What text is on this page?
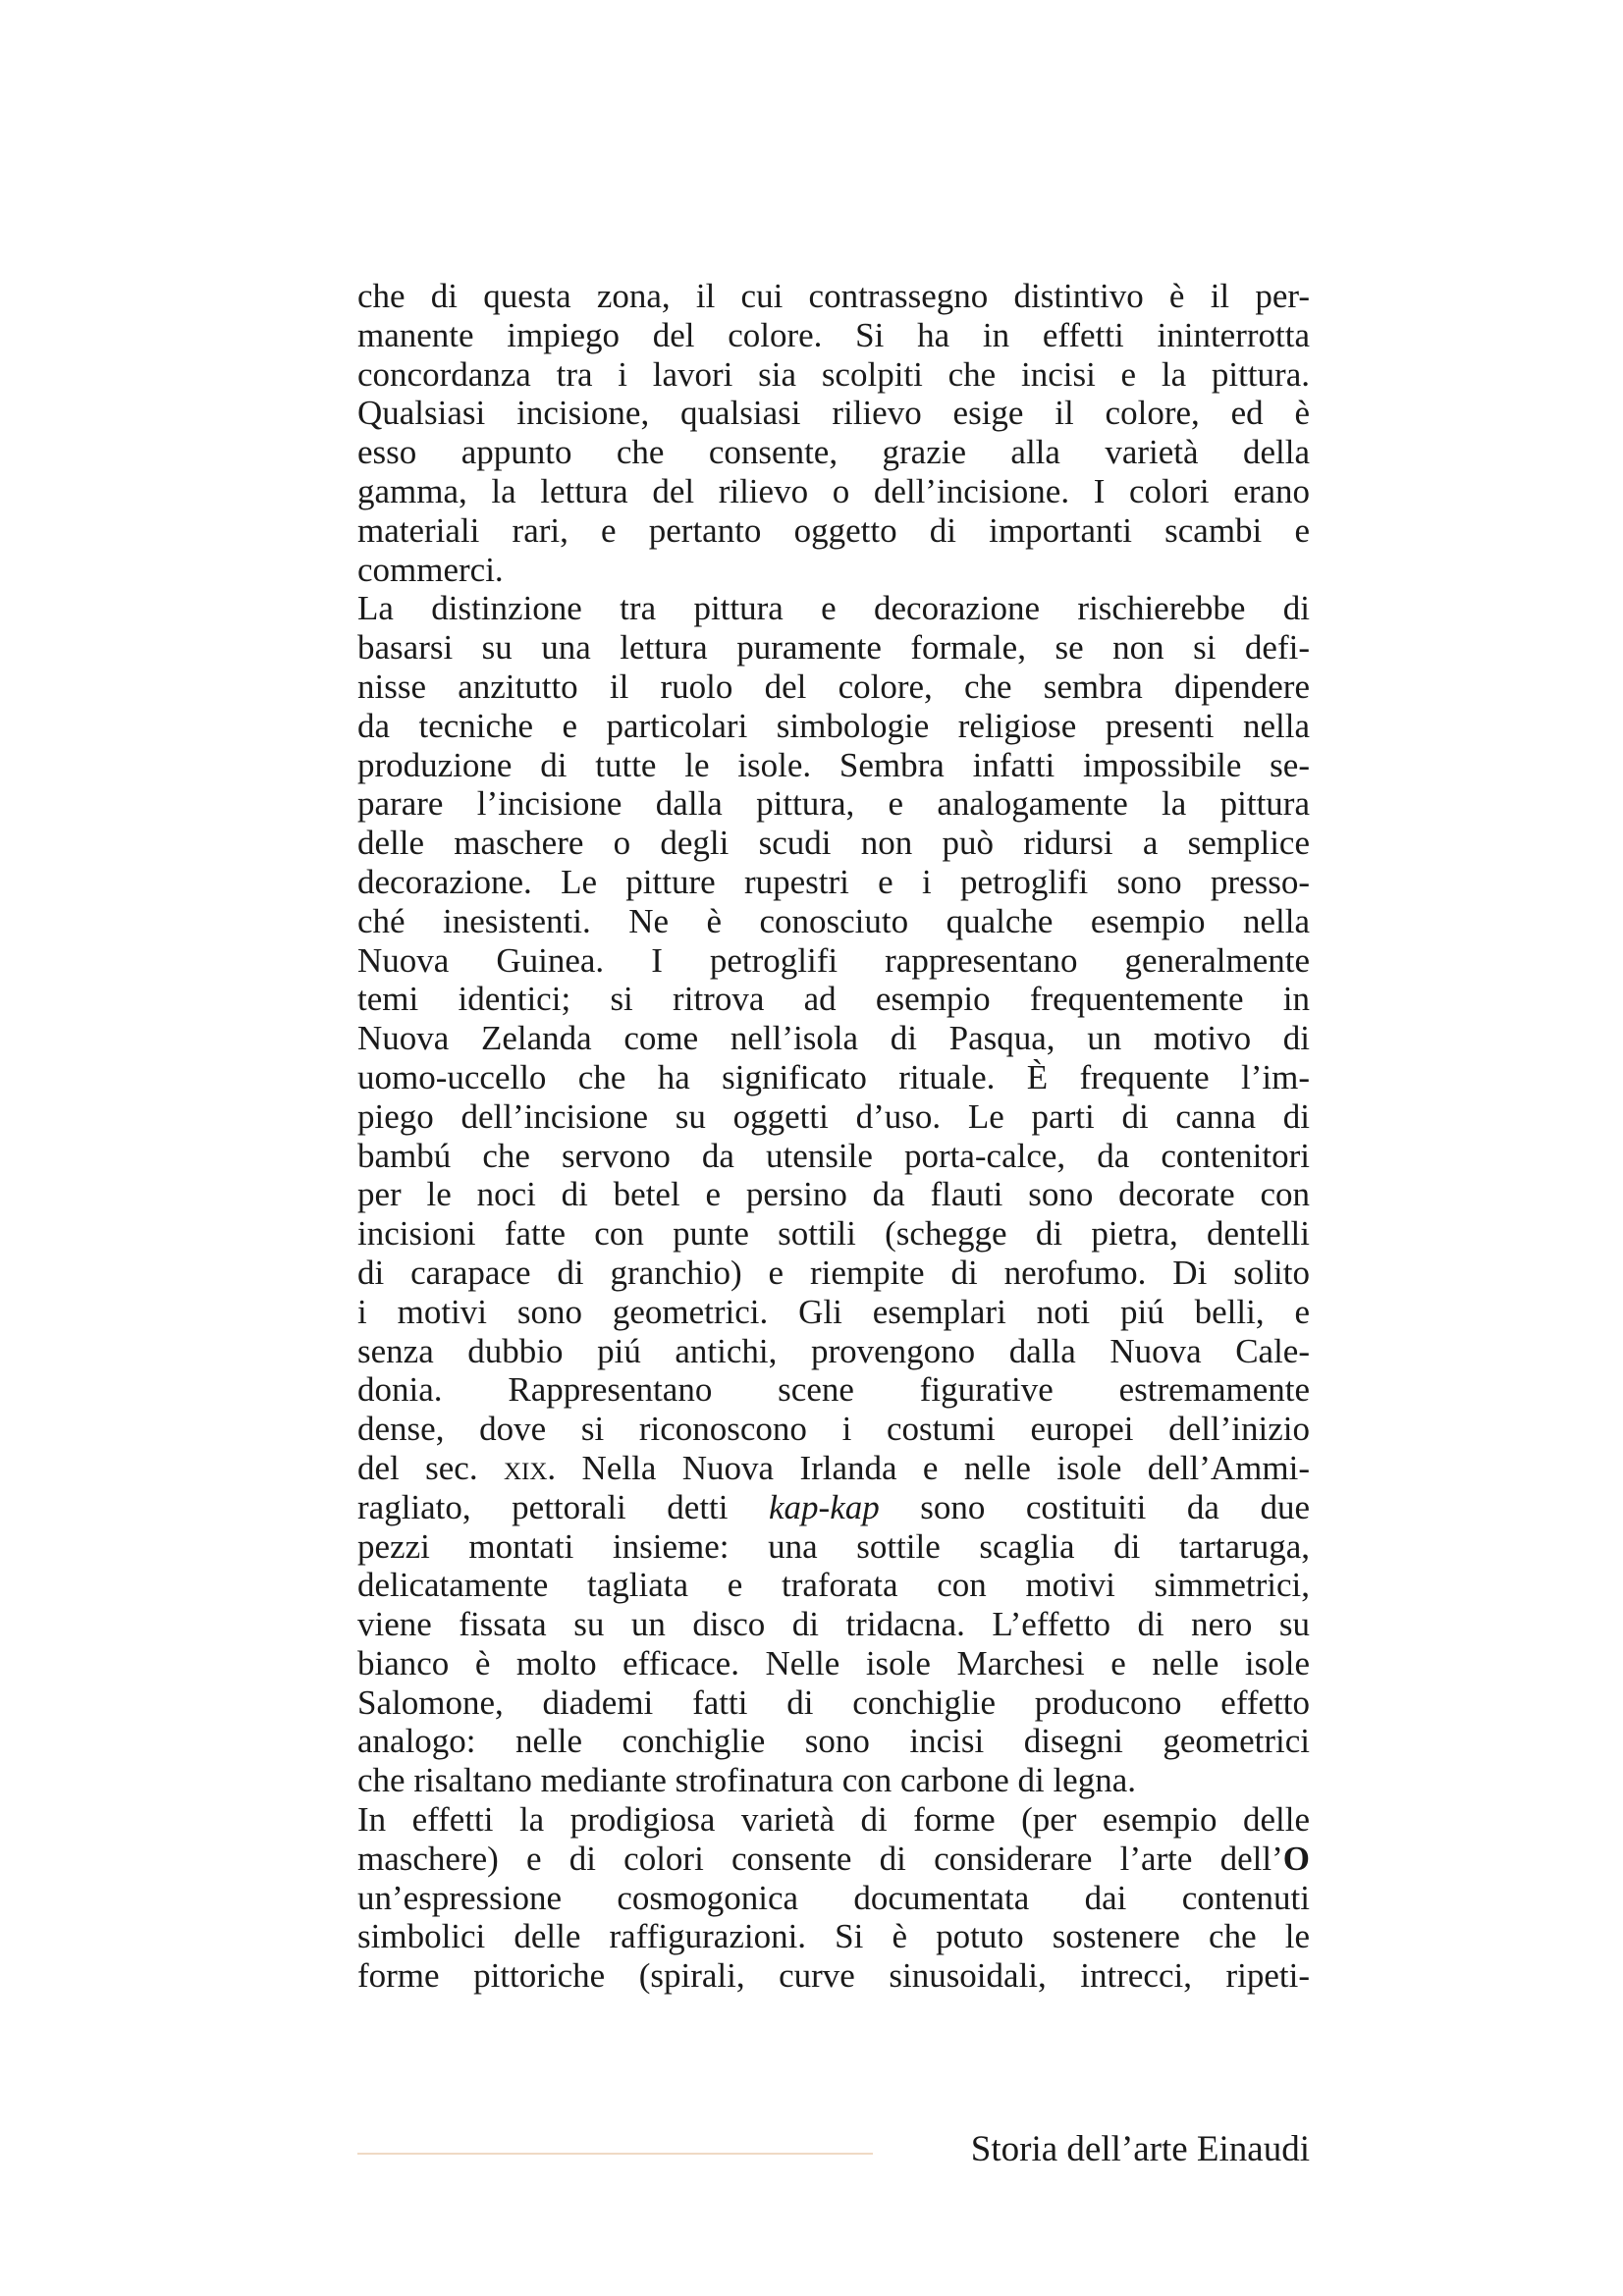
che di questa zona, il cui contrassegno distintivo è il per-
manente impiego del colore. Si ha in effetti ininterrotta
concordanza tra i lavori sia scolpiti che incisi e la pittura.
Qualsiasi incisione, qualsiasi rilievo esige il colore, ed è
esso appunto che consente, grazie alla varietà della
gamma, la lettura del rilievo o dell’incisione. I colori erano
materiali rari, e pertanto oggetto di importanti scambi e
commerci.
La distinzione tra pittura e decorazione rischierebbe di
basarsi su una lettura puramente formale, se non si defi-
nisse anzitutto il ruolo del colore, che sembra dipendere
da tecniche e particolari simbologie religiose presenti nella
produzione di tutte le isole. Sembra infatti impossibile se-
parare l’incisione dalla pittura, e analogamente la pittura
delle maschere o degli scudi non può ridursi a semplice
decorazione. Le pitture rupestri e i petroglifi sono presso-
ché inesistenti. Ne è conosciuto qualche esempio nella
Nuova Guinea. I petroglifi rappresentano generalmente
temi identici; si ritrova ad esempio frequentemente in
Nuova Zelanda come nell’isola di Pasqua, un motivo di
uomo-uccello che ha significato rituale. È frequente l’im-
piego dell’incisione su oggetti d’uso. Le parti di canna di
bambú che servono da utensile porta-calce, da contenitori
per le noci di betel e persino da flauti sono decorate con
incisioni fatte con punte sottili (schegge di pietra, dentelli
di carapace di granchio) e riempite di nerofumo. Di solito
i motivi sono geometrici. Gli esemplari noti piú belli, e
senza dubbio piú antichi, provengono dalla Nuova Cale-
donia. Rappresentano scene figurative estremamente
dense, dove si riconoscono i costumi europei dell’inizio
del sec. xix. Nella Nuova Irlanda e nelle isole dell’Ammi-
ragliato, pettorali detti kap-kap sono costituiti da due
pezzi montati insieme: una sottile scaglia di tartaruga,
delicatamente tagliata e traforata con motivi simmetrici,
viene fissata su un disco di tridacna. L’effetto di nero su
bianco è molto efficace. Nelle isole Marchesi e nelle isole
Salomone, diademi fatti di conchiglie producono effetto
analogo: nelle conchiglie sono incisi disegni geometrici
che risaltano mediante strofinatura con carbone di legna.
In effetti la prodigiosa varietà di forme (per esempio delle
maschere) e di colori consente di considerare l’arte dell’O
un’espressione cosmogonica documentata dai contenuti
simbolici delle raffigurazioni. Si è potuto sostenere che le
forme pittoriche (spirali, curve sinusoidali, intrecci, ripeti-
Storia dell’arte Einaudi
